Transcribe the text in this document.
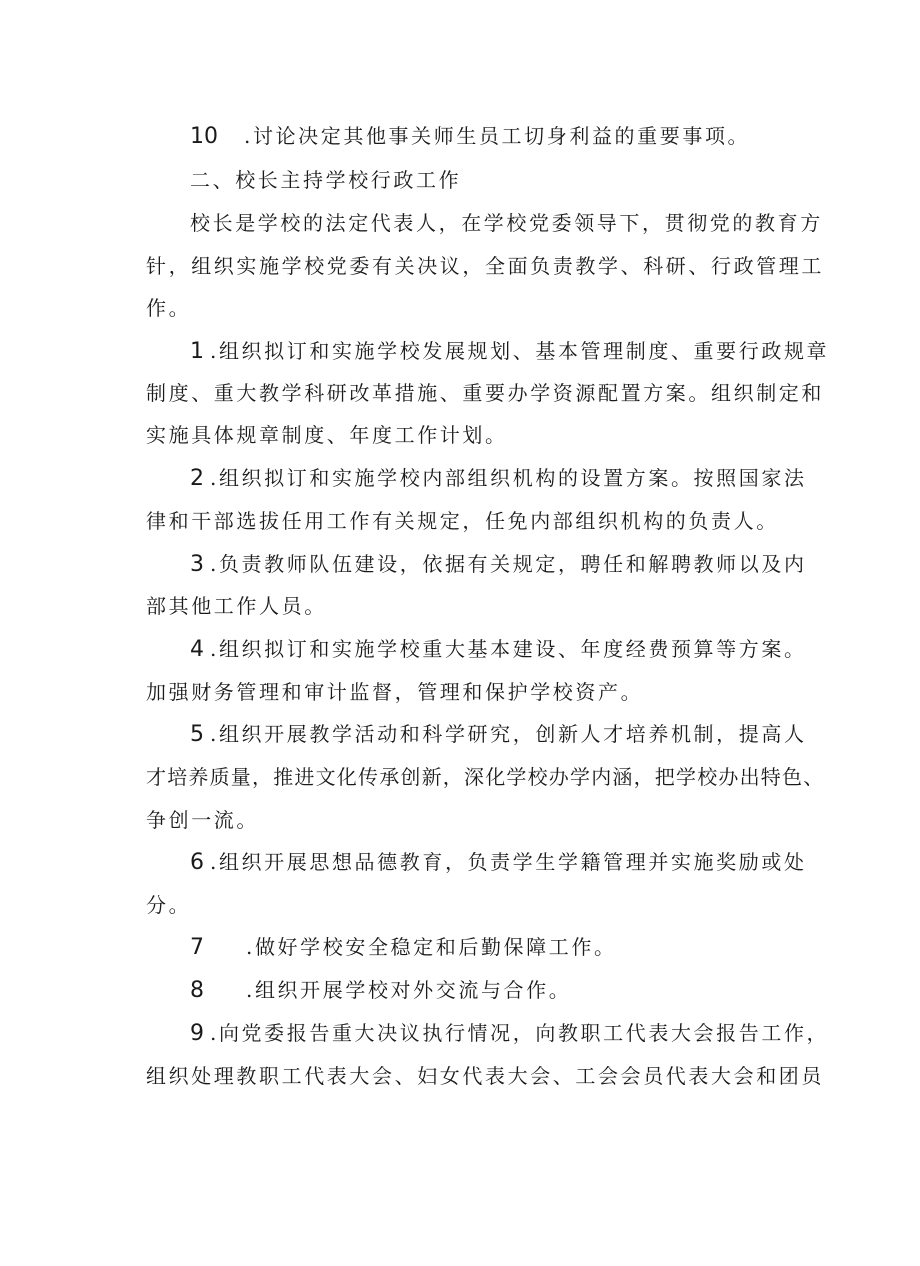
10 .讨论决定其他事关师生员工切身利益的重要事项。
二、校长主持学校行政工作
校长是学校的法定代表人，在学校党委领导下，贯彻党的教育方
针，组织实施学校党委有关决议，全面负责教学、科研、行政管理工
作。
1 .组织拟订和实施学校发展规划、基本管理制度、重要行政规章
制度、重大教学科研改革措施、重要办学资源配置方案。组织制定和
实施具体规章制度、年度工作计划。
2 .组织拟订和实施学校内部组织机构的设置方案。按照国家法
律和干部选拔任用工作有关规定，任免内部组织机构的负责人。
3 .负责教师队伍建设，依据有关规定，聘任和解聘教师以及内
部其他工作人员。
4 .组织拟订和实施学校重大基本建设、年度经费预算等方案。
加强财务管理和审计监督，管理和保护学校资产。
5 .组织开展教学活动和科学研究，创新人才培养机制，提高人
才培养质量，推进文化传承创新，深化学校办学内涵，把学校办出特色、
争创一流。
6 .组织开展思想品德教育，负责学生学籍管理并实施奖励或处
分。
7 .做好学校安全稳定和后勤保障工作。
8 .组织开展学校对外交流与合作。
9 .向党委报告重大决议执行情况，向教职工代表大会报告工作，
组织处理教职工代表大会、妇女代表大会、工会会员代表大会和团员
